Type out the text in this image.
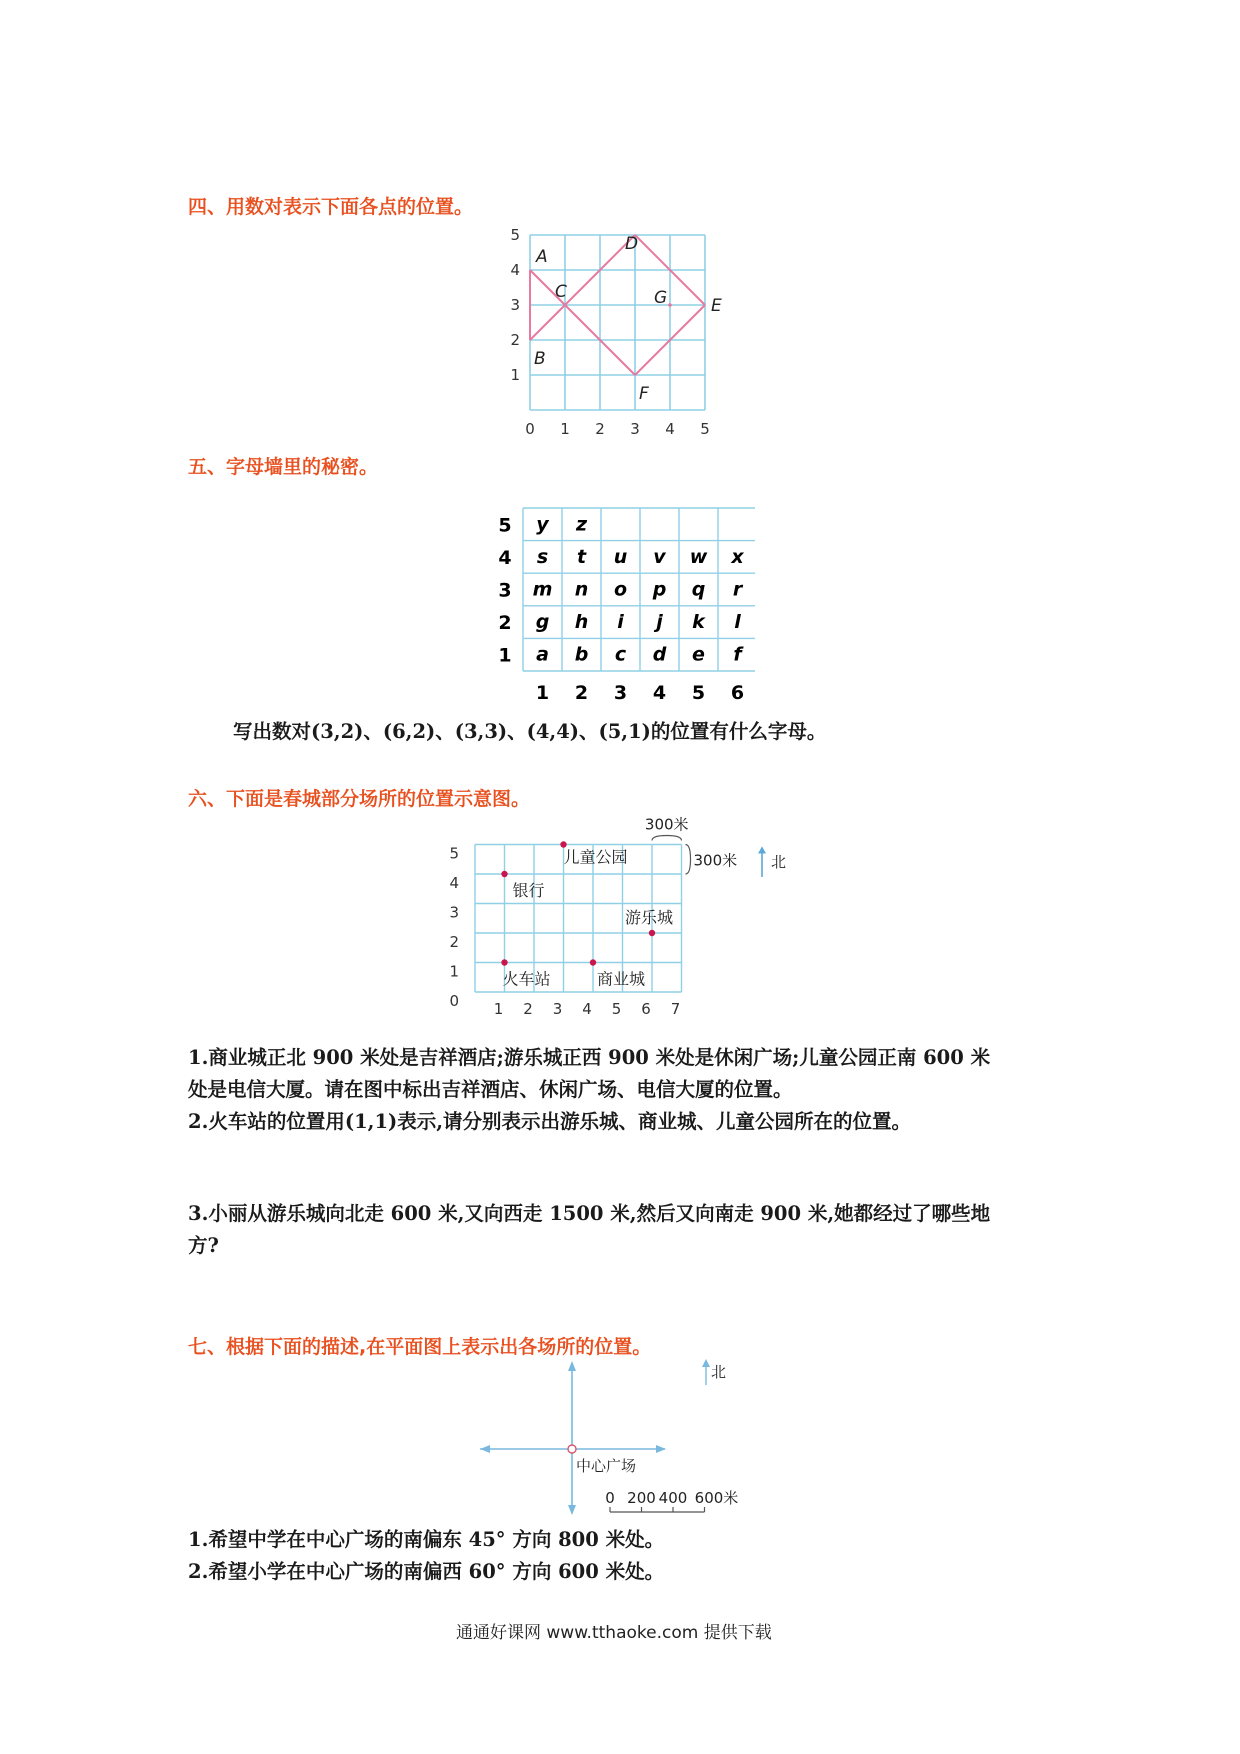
四、用数对表示下面各点的位置。
0 1 2 3 4 5
1
2
3
4
5
A
B
C
D
E
F
G
五、字母墙里的秘密。
5
4
3
2
1
1 2 3 4 5 6
y z
s t u v w x
m n o p q r
g h i j k l
a b c d e f
写出数对(3,2)、(6,2)、(3,3)、(4,4)、(5,1)的位置有什么字母。
六、下面是春城部分场所的位置示意图。
1 2 3 4 5 6 7
0
1
2
3
4
5	儿童公园
银行
游乐城
火车站	商业城
300米
300米 北
1.商业城正北 900 米处是吉祥酒店;游乐城正西 900 米处是休闲广场;儿童公园正南 600 米
处是电信大厦。请在图中标出吉祥酒店、休闲广场、电信大厦的位置。
2.火车站的位置用(1,1)表示,请分别表示出游乐城、商业城、儿童公园所在的位置。
3.小丽从游乐城向北走 600 米,又向西走 1500 米,然后又向南走 900 米,她都经过了哪些地
方?
七、根据下面的描述,在平面图上表示出各场所的位置。
中心广场
北
0 200 400 600米
1.希望中学在中心广场的南偏东 45° 方向 800 米处。
2.希望小学在中心广场的南偏西 60° 方向 600 米处。
通通好课网 www.tthaoke.com 提供下载
